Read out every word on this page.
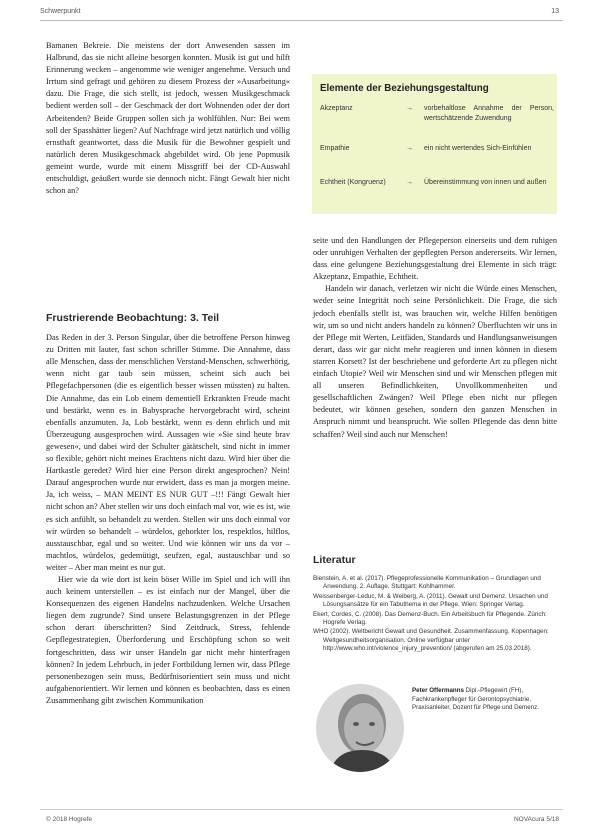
Schwerpunkt	13

Bamanen Bekreie. Die meistens der dort Anwesenden sassen im Halbrund, das sie nicht alleine besorgen konnten. Musik ist gut und hilft Erinnerung wecken – angenomme wie weniger angenehme. Versuch und Irrtum sind gefragt und gehören zu diesem Prozess der »Ausarbeitung« dazu. Die Frage, die sich stellt, ist jedoch, wessen Musikgeschmack bedient werden soll – der Geschmack der dort Wohnenden oder der dort Arbeitenden? Beide Gruppen sollen sich ja wohlfühlen. Nur: Bei wem soll der Spasshätter liegen? Auf Nachfrage wird jetzt natürlich und völlig ernsthaft geantwortet, dass die Musik für die Bewohner gespielt und natürlich deren Musikgeschmack abgebildet wird. Ob jene Popmusik gemeint wurde, wurde mit einem Missgriff bei der CD-Auswahl entschuldigt, geäußert wurde sie dennoch nicht. Fängt Gewalt hier nicht schon an?

Frustrierende Beobachtung: 3. Teil

Das Reden in der 3. Person Singular, über die betroffene Person hinweg zu Dritten mit lauter, fast schon schriller Stimme. Die Annahme, dass alle Menschen, dass der menschlichen Verstand-Menschen, schwerhörig, wenn nicht gar taub sein müssen, scheint sich auch bei Pflegefachpersonen (die es eigentlich besser wissen müssten) zu halten. Die Annahme, das ein Lob einem dementiell Erkrankten Freude macht und bestärkt, wenn es in Babysprache hervorgebracht wird, scheint ebenfalls anzumuten. Ja, Lob bestärkt, wenn es denn ehrlich und mit Überzeugung ausgesprochen wird. Aussagen wie »Sie sind heute brav gewesen«, und dabei wird der Schulter gätätschelt, sind nicht in immer so flexible, gehört nicht meines Erachtens nicht dazu. Wird hier über die Hartkastle geredet? Wird hier eine Person direkt angesprochen? Nein! Darauf angesprochen wurde nur erwidert, dass es man ja morgen meine. Ja, ich weiss, – MAN MEINT ES NUR GUT –!!! Fängt Gewalt hier nicht schon an? Aber stellen wir uns doch einfach mal vor, wie es ist, wie es sich anfühlt, so behandelt zu werden. Stellen wir uns doch einmal vor wir würden so behandelt – würdelos, gehorkter los, respektlos, hilflos, ausstauschbar, egal und so weiter. Und wie können wir uns da vor – machtlos, würdelos, gedemütigt, seufzen, egal, austauschbar und so weiter – Aber man meint es nur gut.

Hier wie da wie dort ist kein böser Wille im Spiel und ich will ihn auch keinem unterstellen – es ist einfach nur der Mangel, über die Konsequenzen des eigenen Handelns nachzudenken. Welche Ursachen liegen dem zugrunde? Sind unsere Belastungsgrenzen in der Pflege schon derart überschritten? Sind Zeitdruck, Stress, fehlende Gepflegestrategien, Überforderung und Erschöpfung schon so weit fortgeschritten, dass wir unser Handeln gar nicht mehr hinterfragen können? In jedem Lehrbuch, in jeder Fortbildung lernen wir, dass Pflege personenbezogen sein muss, Bedürfnisorientiert sein muss und nicht aufgabenorientiert. Wir lernen und können es beobachten, dass es einen Zusammenhang gibt zwischen Kommunikation

Elemente der Beziehungsgestaltung
Akzeptanz	→	vorbehaltlose Annahme der Person, wertschätzende Zuwendung
Empathie	→	ein nicht wertendes Sich-Einfühlen
Echtheit (Kongruenz)	→	Übereinstimmung von innen und außen

seite und den Handlungen der Pflegeperson einerseits und dem ruhigen oder unruhigen Verhalten der gepflegten Person andererseits. Wir lernen, dass eine gelungene Beziehungsgestaltung drei Elemente in sich trägt: Akzeptanz, Empathie, Echtheit.

Handeln wir danach, verletzen wir nicht die Würde eines Menschen, weder seine Integrität noch seine Persönlichkeit. Die Frage, die sich jedoch ebenfalls stellt ist, was brauchen wir, welche Hilfen benötigen wir, um so und nicht anders handeln zu können? Überfluchten wir uns in der Pflege mit Werten, Leitfäden, Standards und Handlungsanweisungen derart, dass wir gar nicht mehr reagieren und innen können in diesem starren Korsett? Ist der beschriebene und geforderte Art zu pflegen nicht einfach Utopie? Weil wir Menschen sind und wir Menschen pflegen mit all unseren Befindlichkeiten, Unvollkommenheiten und gesellschaftlichen Zwängen? Weil Pflege eben nicht nur pflegen bedeutet, wir können gesehen, sondern den ganzen Menschen in Anspruch nimmt und beansprucht. Wie sollen Pflegende das denn bitte schaffen? Weil sind auch nur Menschen!

Literatur

Bienstein, A. et al. (2017). Pflegeprofessionelle Kommunikation – Grundlagen und Anwendung. 2. Auflage. Stuttgart: Kohlhammer.

Weissenberger-Leduc, M. & Weiberg, A. (2011). Gewalt und Demenz. Ursachen und Lösungsansätze für ein Tabuthema in der Pflege. Wien: Springer Verlag.

Ekert, Cordes, C. (2008). Das Demenz-Buch. Ein Arbeitsbuch für Pflegende. Zürich: Hogrefe Verlag.

WHO (2002). Weltbericht Gewalt und Gesundheit. Zusammenfassung. Kopenhagen: Weltgesundheitsorganisation. Online verfügbar unter http://www.who.int/violence_injury_prevention/ (abgerufen am 25.03.2018).

Peter Offermanns Dipl.-Pflegewirt (FH), Fachkrankenpfleger für Gerontopsychiatrie, Praxisanleiter, Dozent für Pflege und Demenz.
© 2018 Hogrefe	NOVAcura 5/18
